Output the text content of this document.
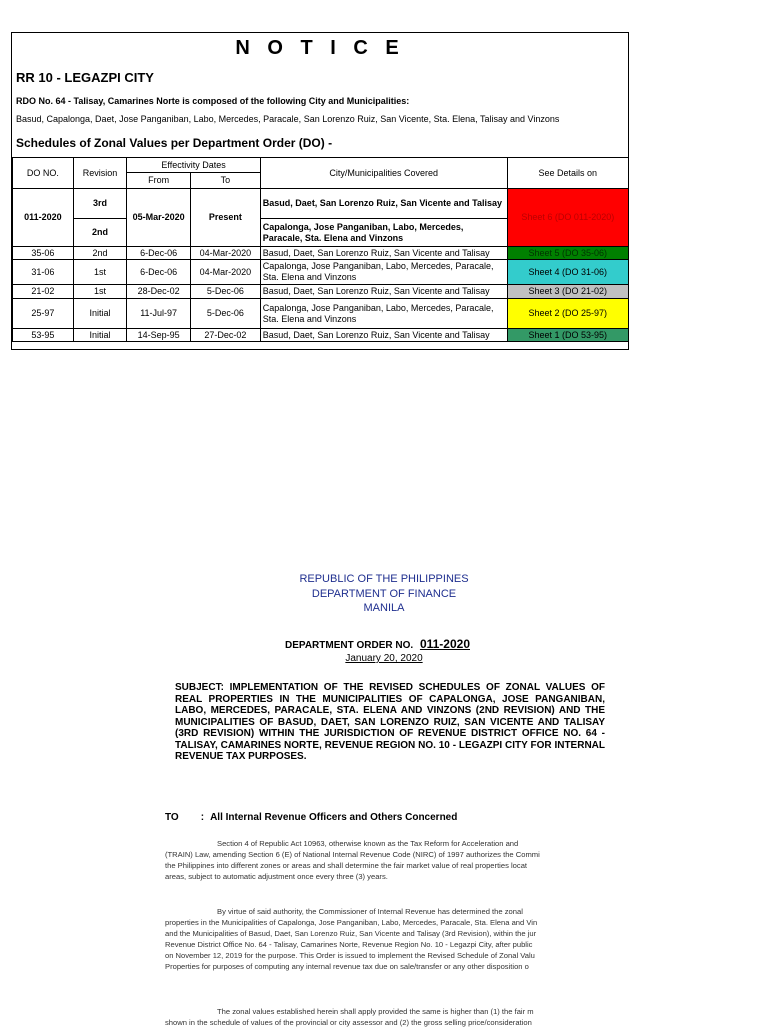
N O T I C E
RR 10 - LEGAZPI CITY
RDO No. 64 - Talisay, Camarines Norte is composed of the following City and Municipalities:
Basud, Capalonga, Daet, Jose Panganiban, Labo, Mercedes, Paracale, San Lorenzo Ruiz, San Vicente, Sta. Elena, Talisay and Vinzons
Schedules of Zonal Values per Department Order (DO) -
DO NO.	Revision	Effectivity Dates		City/Municipalities Covered	See Details on
		From	To		
011-2020	3rd	05-Mar-2020	Present	Basud, Daet, San Lorenzo Ruiz, San Vicente and Talisay	Sheet 6 (DO 011-2020)
	2nd			Capalonga, Jose Panganiban, Labo, Mercedes, Paracale, Sta. Elena and Vinzons	
35-06	2nd	6-Dec-06	04-Mar-2020	Basud, Daet, San Lorenzo Ruiz, San Vicente and Talisay	Sheet 5 (DO 35-06)
31-06	1st	6-Dec-06	04-Mar-2020	Capalonga, Jose Panganiban, Labo, Mercedes, Paracale, Sta. Elena and Vinzons	Sheet 4 (DO 31-06)
21-02	1st	28-Dec-02	5-Dec-06	Basud, Daet, San Lorenzo Ruiz, San Vicente and Talisay	Sheet 3 (DO 21-02)
25-97	Initial	11-Jul-97	5-Dec-06	Capalonga, Jose Panganiban, Labo, Mercedes, Paracale, Sta. Elena and Vinzons	Sheet 2 (DO 25-97)
53-95	Initial	14-Sep-95	27-Dec-02	Basud, Daet, San Lorenzo Ruiz, San Vicente and Talisay	Sheet 1 (DO 53-95)
REPUBLIC OF THE PHILIPPINES
DEPARTMENT OF FINANCE
MANILA
DEPARTMENT ORDER NO. 011-2020
January 20, 2020
SUBJECT: IMPLEMENTATION OF THE REVISED SCHEDULES OF ZONAL VALUES OF REAL PROPERTIES IN THE MUNICIPALITIES OF CAPALONGA, JOSE PANGANIBAN, LABO, MERCEDES, PARACALE, STA. ELENA AND VINZONS (2ND REVISION) AND THE MUNICIPALITIES OF BASUD, DAET, SAN LORENZO RUIZ, SAN VICENTE AND TALISAY (3RD REVISION) WITHIN THE JURISDICTION OF REVENUE DISTRICT OFFICE NO. 64 - TALISAY, CAMARINES NORTE, REVENUE REGION NO. 10 - LEGAZPI CITY FOR INTERNAL REVENUE TAX PURPOSES.
TO : All Internal Revenue Officers and Others Concerned
Section 4 of Republic Act 10963, otherwise known as the Tax Reform for Acceleration and
(TRAIN) Law, amending Section 6 (E) of National Internal Revenue Code (NIRC) of 1997 authorizes the Commi
the Philippines into different zones or areas and shall determine the fair market value of real properties locat
areas, subject to automatic adjustment once every three (3) years.
By virtue of said authority, the Commissioner of Internal Revenue has determined the zonal
properties in the Municipalities of Capalonga, Jose Panganiban, Labo, Mercedes, Paracale, Sta. Elena and Vin
and the Municipalities of Basud, Daet, San Lorenzo Ruiz, San Vicente and Talisay (3rd Revision), within the jur
Revenue District Office No. 64 - Talisay, Camarines Norte, Revenue Region No. 10 - Legazpi City, after public
on November 12, 2019 for the purpose. This Order is issued to implement the Revised Schedule of Zonal Valu
Properties for purposes of computing any internal revenue tax due on sale/transfer or any other disposition o
The zonal values established herein shall apply provided the same is higher than (1) the fair m
shown in the schedule of values of the provincial or city assessor and (2) the gross selling price/consideration
